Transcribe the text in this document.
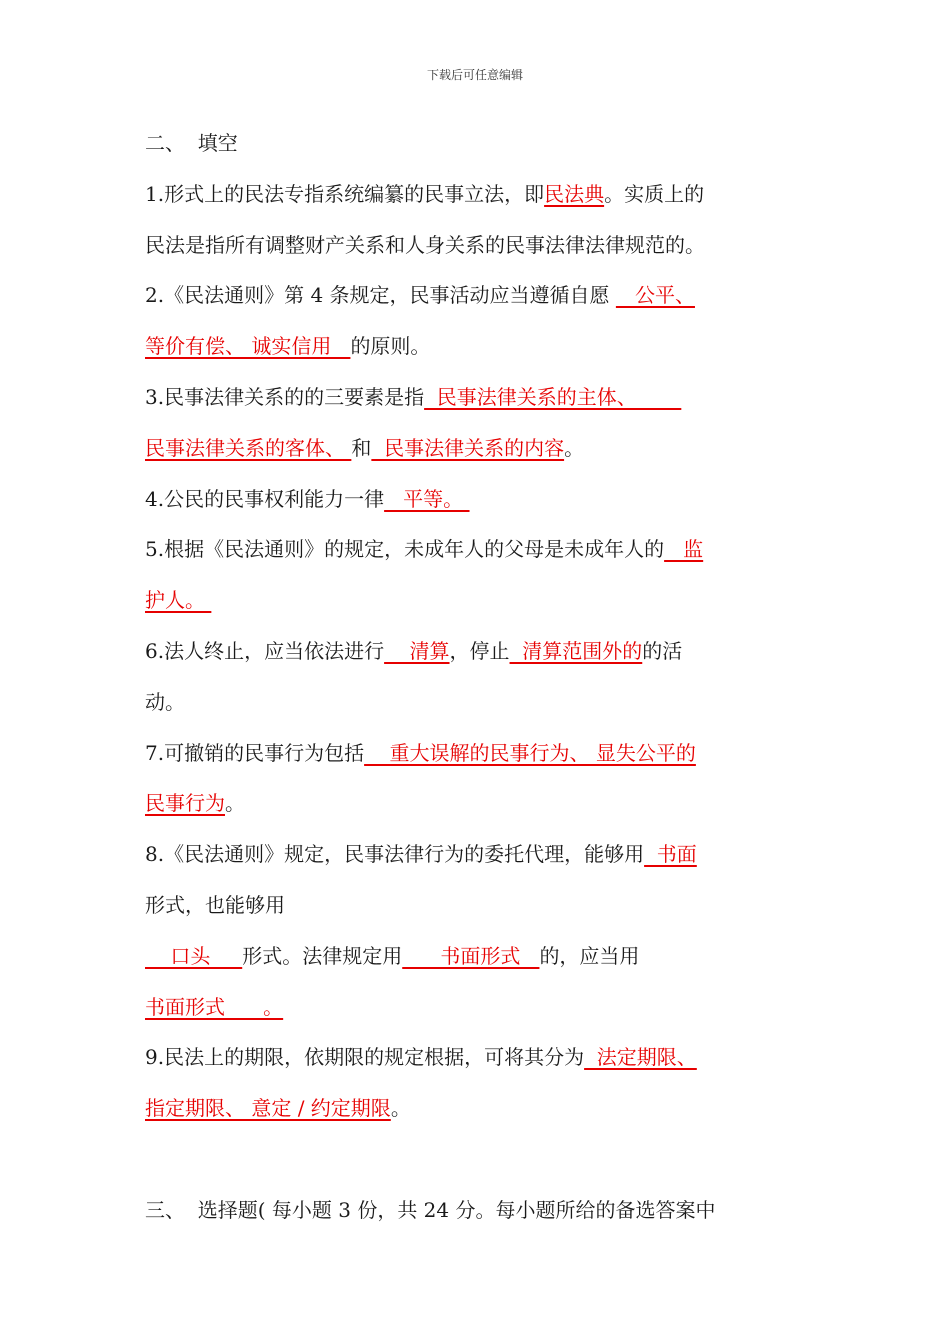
下载后可任意编辑
二、  填空
1.形式上的民法专指系统编纂的民事立法，即民法典。实质上的
民法是指所有调整财产关系和人身关系的民事法律法律规范的。
2.《民法通则》第 4 条规定，民事活动应当遵循自愿    公平、
等价有偿、 诚实信用   的原则。
3.民事法律关系的的三要素是指  民事法律关系的主体、
民事法律关系的客体、 和  民事法律关系的内容。
4.公民的民事权利能力一律   平等。
5.根据《民法通则》的规定，未成年人的父母是未成年人的   监
护人。
6.法人终止，应当依法进行    清算，停止  清算范围外的的活
动。
7.可撤销的民事行为包括    重大误解的民事行为、 显失公平的
民事行为。
8.《民法通则》规定，民事法律行为的委托代理，能够用  书面
形式，也能够用
口头     形式。法律规定用      书面形式   的，应当用
书面形式      。
9.民法上的期限，依期限的规定根据，可将其分为  法定期限、
指定期限、 意定 / 约定期限。
三、  选择题( 每小题 3 份，共 24 分。每小题所给的备选答案中
